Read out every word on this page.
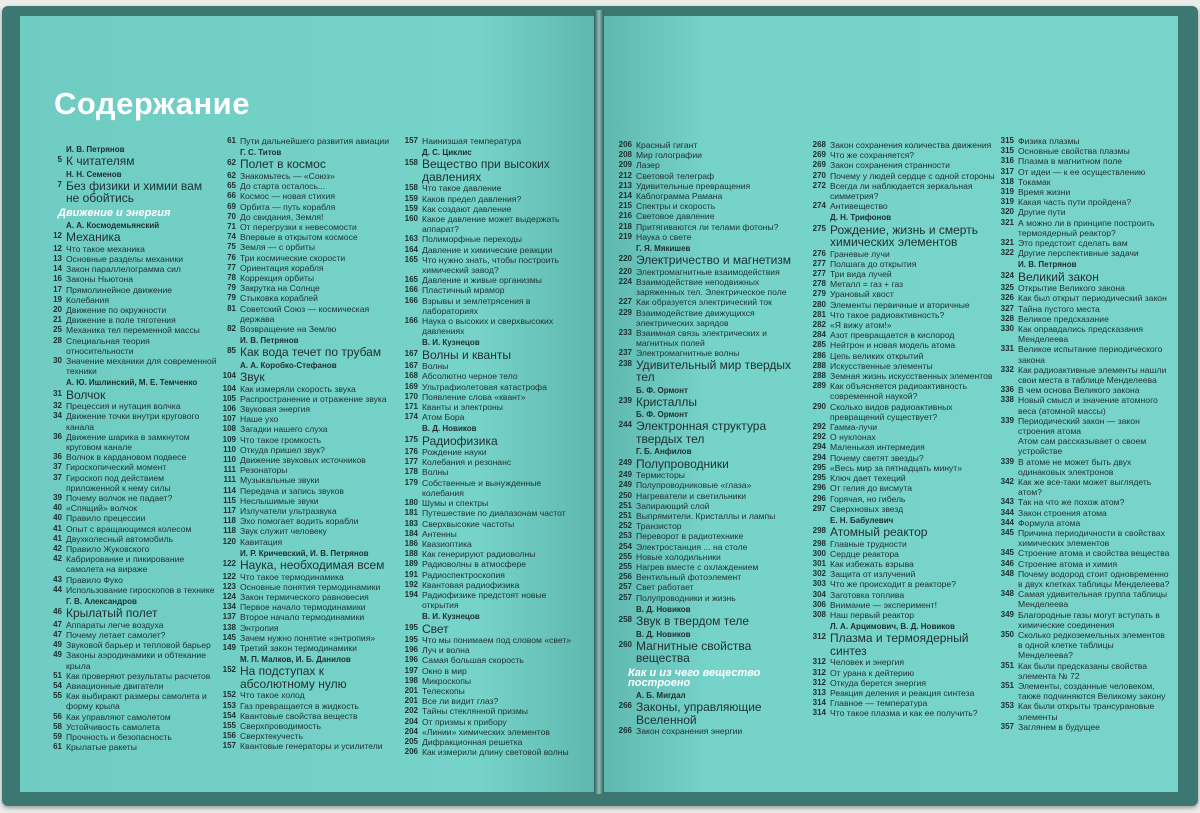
Содержание
И. В. Петрянов
5 К читателям
Н. Н. Семенов
7 Без физики и химии вам не обойтись
Движение и энергия
А. А. Космодемьянский
12 Механика
12 Что такое механика
13 Основные разделы механики
14 Закон параллелограмма сил
16 Законы Ньютона
17 Прямолинейное движение
19 Колебания
20 Движение по окружности
21 Движение в поле тяготения
25 Механика тел переменной массы
28 Специальная теория относительности
30 Значение механики для современной техники
А. Ю. Ишлинский, М. Е. Темченко
31 Волчок
32 Прецессия и нутация волчка
34 Движение точки внутри кругового канала
36 Движение шарика в замкнутом круговом канале
36 Волчок в кардановом подвесе
37 Гироскопический момент
37 Гироскоп под действием приложенной к нему силы
39 Почему волчок не падает?
40 «Спящий» волчок
40 Правило прецессии
41 Опыт с вращающимся колесом
41 Двухколесный автомобиль
42 Правило Жуковского
42 Кабрирование и пикирование самолета на вираже
43 Правило Фуко
44 Использование гироскопов в технике
Г. В. Александров
46 Крылатый полет
47 Аппараты легче воздуха
47 Почему летает самолет?
49 Звуковой барьер и тепловой барьер
49 Законы аэродинамики и обтекание крыла
51 Как проверяют результаты расчетов
54 Авиационные двигатели
55 Как выбирают размеры самолета и форму крыла
56 Как управляют самолетом
58 Устойчивость самолета
59 Прочность и безопасность
61 Крылатые ракеты
61 Пути дальнейшего развития авиации
Г. С. Титов
62 Полет в космос
62 Знакомьтесь — «Союз»
65 До старта осталось...
66 Космос — новая стихия
69 Орбита — путь корабля
70 До свидания, Земля!
71 От перегрузки к невесомости
74 Впервые в открытом космосе
75 Земля — с орбиты
76 Три космические скорости
77 Ориентация корабля
78 Коррекция орбиты
79 Закрутка на Солнце
79 Стыковка кораблей
81 Советский Союз — космическая держава
82 Возвращение на Землю
И. В. Петрянов
85 Как вода течет по трубам
А. А. Коробко-Стефанов
104 Звук
104 Как измеряли скорость звука
105 Распространение и отражение звука
106 Звуковая энергия
107 Наше ухо
108 Загадки нашего слуха
109 Что такое громкость
110 Откуда пришел звук?
110 Движение звуковых источников
111 Резонаторы
111 Музыкальные звуки
114 Передача и запись звуков
115 Неслышимые звуки
117 Излучатели ультразвука
118 Эхо помогает водить корабли
118 Звук служит человеку
120 Кавитация
И. Р. Кричевский, И. В. Петрянов
122 Наука, необходимая всем
122 Что такое термодинамика
123 Основные понятия термодинамики
124 Закон термического равновесия
134 Первое начало термодинамики
137 Второе начало термодинамики
138 Энтропия
145 Зачем нужно понятие «энтропия»
149 Третий закон термодинамики
М. П. Малков, И. Б. Данилов
152 На подступах к абсолютному нулю
152 Что такое холод
153 Газ превращается в жидкость
154 Квантовые свойства веществ
155 Сверхпроводимость
156 Сверхтекучесть
157 Квантовые генераторы и усилители
157 Наинизшая температура
Д. С. Циклис
158 Вещество при высоких давлениях
158 Что такое давление
159 Каков предел давления?
159 Как создают давление
160 Какое давление может выдержать аппарат?
163 Полиморфные переходы
164 Давление и химические реакции
165 Что нужно знать, чтобы построить химический завод?
165 Давление и живые организмы
166 Пластичный мрамор
166 Взрывы и землетрясения в лабораториях
166 Наука о высоких и сверхвысоких давлениях
В. И. Кузнецов
167 Волны и кванты
167 Волны
168 Абсолютно черное тело
169 Ультрафиолетовая катастрофа
170 Появление слова «квант»
171 Кванты и электроны
174 Атом Бора
В. Д. Новиков
175 Радиофизика
176 Рождение науки
177 Колебания и резонанс
178 Волны
179 Собственные и вынужденные колебания
180 Шумы и спектры
181 Путешествие по диапазонам частот
183 Сверхвысокие частоты
184 Антенны
186 Квазиоптика
188 Как генерируют радиоволны
189 Радиоволны в атмосфере
191 Радиоспектроскопия
192 Квантовая радиофизика
194 Радиофизике предстоят новые открытия
В. И. Кузнецов
195 Свет
195 Что мы понимаем под словом «свет»
196 Луч и волна
196 Самая большая скорость
197 Окно в мир
198 Микроскопы
201 Телескопы
201 Все ли видит глаз?
202 Тайны стеклянной призмы
204 От призмы к прибору
204 «Линии» химических элементов
205 Дифракционная решетка
206 Как измерили длину световой волны
206 Красный гигант
208 Мир голографии
209 Лазер
212 Световой телеграф
213 Удивительные превращения
214 Каблограмма Рамана
215 Спектры и скорость
216 Световое давление
218 Притягиваются ли телами фотоны?
219 Наука о свете
Г. Я. Мякишев
220 Электричество и магнетизм
220 Электромагнитные взаимодействия
224 Взаимодействие неподвижных заряженных тел. Электрическое поле
227 Как образуется электрический ток
229 Взаимодействие движущихся электрических зарядов
233 Взаимная связь электрических и магнитных полей
237 Электромагнитные волны
238 Удивительный мир твердых тел
Б. Ф. Ормонт
239 Кристаллы
Б. Ф. Ормонт
244 Электронная структура твердых тел
Г. Б. Анфилов
249 Полупроводники
249 Термисторы
249 Полупроводниковые «глаза»
250 Нагреватели и светильники
251 Запирающий слой
251 Выпрямители. Кристаллы и лампы
252 Транзистор
253 Переворот в радиотехнике
254 Электростанция ... на столе
255 Новые холодильники
255 Нагрев вместе с охлаждением
256 Вентильный фотоэлемент
257 Свет работает
257 Полупроводники и жизнь
В. Д. Новиков
258 Звук в твердом теле
В. Д. Новиков
260 Магнитные свойства вещества
Как и из чего вещество построено
А. Б. Мигдал
266 Законы, управляющие Вселенной
266 Закон сохранения энергии
268 Закон сохранения количества движения
269 Что же сохраняется?
269 Закон сохранения странности
270 Почему у людей сердце с одной стороны
272 Всегда ли наблюдается зеркальная симметрия?
274 Антивещество
Д. Н. Трифонов
275 Рождение, жизнь и смерть химических элементов
276 Граневые лучи
277 Полшага до открытия
277 Три вида лучей
278 Металл = газ + газ
279 Урановый хвост
280 Элементы первичные и вторичные
281 Что такое радиоактивность?
282 «Я вижу атом!»
284 Азот превращается в кислород
285 Нейтрон и новая модель атома
286 Цепь великих открытий
288 Искусственные элементы
288 Земная жизнь искусственных элементов
289 Как объясняется радиоактивность современной наукой?
290 Сколько видов радиоактивных превращений существует?
292 Гамма-лучи
292 О нуклонах
294 Маленькая интермедия
294 Почему светят звезды?
295 «Весь мир за пятнадцать минут»
295 Ключ дает техеций
296 От гелия до висмута
296 Горячая, но гибель
297 Сверхновых звезд
Е. Н. Бабулевич
298 Атомный реактор
298 Главные трудности
300 Сердце реактора
301 Как избежать взрыва
302 Защита от излучений
303 Что же происходит в реакторе?
304 Заготовка топлива
306 Внимание — эксперимент!
308 Наш первый реактор
Л. А. Арцимович, В. Д. Новиков
312 Плазма и термоядерный синтез
312 Человек и энергия
312 От урана к дейтерию
312 Откуда берется энергия
313 Реакция деления и реакция синтеза
314 Главное — температура
314 Что такое плазма и как ее получить?
315 Физика плазмы
315 Основные свойства плазмы
316 Плазма в магнитном поле
317 От идеи — к ее осуществлению
318 Токамак
319 Время жизни
319 Какая часть пути пройдена?
320 Другие пути
321 А можно ли в принципе построить термоядерный реактор?
321 Это предстоит сделать вам
322 Другие перспективные задачи
И. В. Петрянов
324 Великий закон
325 Открытие Великого закона
326 Как был открыт периодический закон
327 Тайна пустого места
328 Великое предсказание
330 Как оправдались предсказания Менделеева
331 Великое испытание периодического закона
332 Как радиоактивные элементы нашли свои места в таблице Менделеева
336 В чем основа Великого закона
338 Новый смысл и значение атомного веса (атомной массы)
339 Периодический закон — закон строения атома
Атом сам рассказывает о своем устройстве
339 В атоме не может быть двух одинаковых электронов
342 Как же все-таки может выглядеть атом?
343 Так на что же похож атом?
344 Закон строения атома
344 Формула атома
345 Причина периодичности в свойствах химических элементов
345 Строение атома и свойства вещества
346 Строение атома и химия
348 Почему водород стоит одновременно в двух клетках таблицы Менделеева?
348 Самая удивительная группа таблицы Менделеева
349 Благородные газы могут вступать в химические соединения
350 Сколько редкоземельных элементов в одной клетке таблицы Менделеева?
351 Как были предсказаны свойства элемента № 72
351 Элементы, созданные человеком, также подчиняются Великому закону
353 Как были открыты трансурановые элементы
357 Заглянем в будущее
